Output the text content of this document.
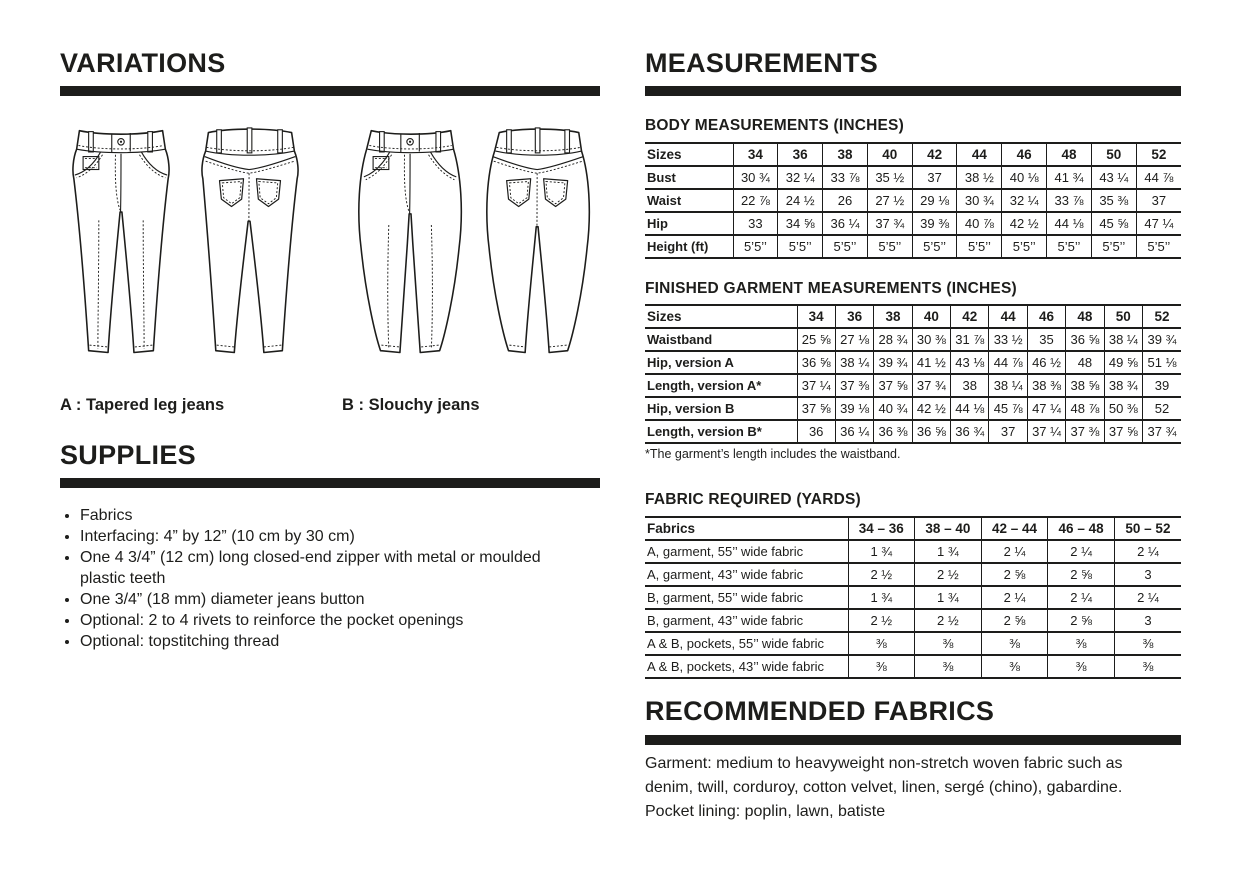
VARIATIONS
A : Tapered leg jeans	B : Slouchy jeans
SUPPLIES
• Fabrics
• Interfacing: 4” by 12” (10 cm by 30 cm)
• One 4 3/4” (12 cm) long closed-end zipper with metal or moulded plastic teeth
• One 3/4” (18 mm) diameter jeans button
• Optional: 2 to 4 rivets to reinforce the pocket openings
• Optional: topstitching thread
MEASUREMENTS
BODY MEASUREMENTS (INCHES)
Sizes	34	36	38	40	42	44	46	48	50	52
Bust	30 ¾	32 ¼	33 ⅞	35 ½	37	38 ½	40 ⅛	41 ¾	43 ¼	44 ⅞
Waist	22 ⅞	24 ½	26	27 ½	29 ⅛	30 ¾	32 ¼	33 ⅞	35 ⅜	37
Hip	33	34 ⅝	36 ¼	37 ¾	39 ⅜	40 ⅞	42 ½	44 ⅛	45 ⅝	47 ¼
Height (ft)	5’5’’	5’5’’	5’5’’	5’5’’	5’5’’	5’5’’	5’5’’	5’5’’	5’5’’	5’5’’
FINISHED GARMENT MEASUREMENTS (INCHES)
Sizes	34	36	38	40	42	44	46	48	50	52
Waistband	25 ⅝	27 ⅛	28 ¾	30 ⅜	31 ⅞	33 ½	35	36 ⅝	38 ¼	39 ¾
Hip, version A	36 ⅝	38 ¼	39 ¾	41 ½	43 ⅛	44 ⅞	46 ½	48	49 ⅝	51 ⅛
Length, version A*	37 ¼	37 ⅜	37 ⅝	37 ¾	38	38 ¼	38 ⅜	38 ⅝	38 ¾	39
Hip, version B	37 ⅝	39 ⅛	40 ¾	42 ½	44 ⅛	45 ⅞	47 ¼	48 ⅞	50 ⅜	52
Length, version B*	36	36 ¼	36 ⅜	36 ⅝	36 ¾	37	37 ¼	37 ⅜	37 ⅝	37 ¾
*The garment’s length includes the waistband.
FABRIC REQUIRED (YARDS)
Fabrics	34 – 36	38 – 40	42 – 44	46 – 48	50 – 52
A, garment, 55’’ wide fabric	1 ¾	1 ¾	2 ¼	2 ¼	2 ¼
A, garment, 43’’ wide fabric	2 ½	2 ½	2 ⅝	2 ⅝	3
B, garment, 55’’ wide fabric	1 ¾	1 ¾	2 ¼	2 ¼	2 ¼
B, garment, 43’’ wide fabric	2 ½	2 ½	2 ⅝	2 ⅝	3
A & B, pockets, 55’’ wide fabric	⅜	⅜	⅜	⅜	⅜
A & B, pockets, 43’’ wide fabric	⅜	⅜	⅜	⅜	⅜
RECOMMENDED FABRICS

Garment: medium to heavyweight non-stretch woven fabric such as denim, twill, corduroy, cotton velvet, linen, sergé (chino), gabardine.

Pocket lining: poplin, lawn, batiste
